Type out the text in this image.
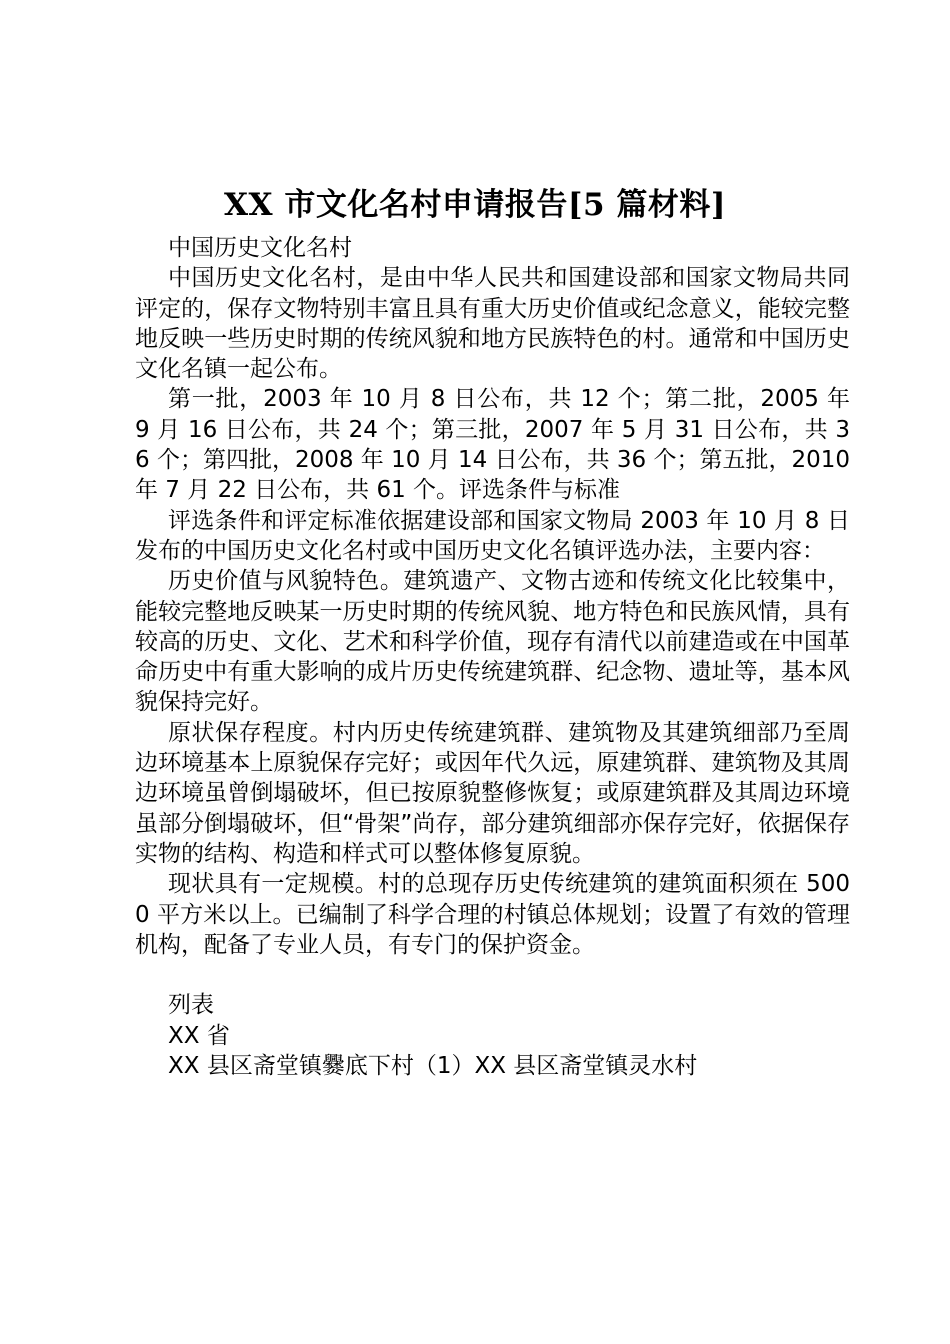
XX 市文化名村申请报告[5 篇材料]

中国历史文化名村

中国历史文化名村，是由中华人民共和国建设部和国家文物局共同评定的，保存文物特别丰富且具有重大历史价值或纪念意义，能较完整地反映一些历史时期的传统风貌和地方民族特色的村。通常和中国历史文化名镇一起公布。

第一批，2003 年 10 月 8 日公布，共 12 个；第二批，2005 年 9 月 16 日公布，共 24 个；第三批，2007 年 5 月 31 日公布，共 36 个；第四批，2008 年 10 月 14 日公布，共 36 个；第五批，2010 年 7 月 22 日公布，共 61 个。评选条件与标准

评选条件和评定标准依据建设部和国家文物局 2003 年 10 月 8 日发布的中国历史文化名村或中国历史文化名镇评选办法，主要内容：

历史价值与风貌特色。建筑遗产、文物古迹和传统文化比较集中，能较完整地反映某一历史时期的传统风貌、地方特色和民族风情，具有较高的历史、文化、艺术和科学价值，现存有清代以前建造或在中国革命历史中有重大影响的成片历史传统建筑群、纪念物、遗址等，基本风貌保持完好。

原状保存程度。村内历史传统建筑群、建筑物及其建筑细部乃至周边环境基本上原貌保存完好；或因年代久远，原建筑群、建筑物及其周边环境虽曾倒塌破坏，但已按原貌整修恢复；或原建筑群及其周边环境虽部分倒塌破坏，但“骨架”尚存，部分建筑细部亦保存完好，依据保存实物的结构、构造和样式可以整体修复原貌。

现状具有一定规模。村的总现存历史传统建筑的建筑面积须在 5000 平方米以上。已编制了科学合理的村镇总体规划；设置了有效的管理机构，配备了专业人员，有专门的保护资金。

列表

XX 省

XX 县区斋堂镇爨底下村（1）XX 县区斋堂镇灵水村
